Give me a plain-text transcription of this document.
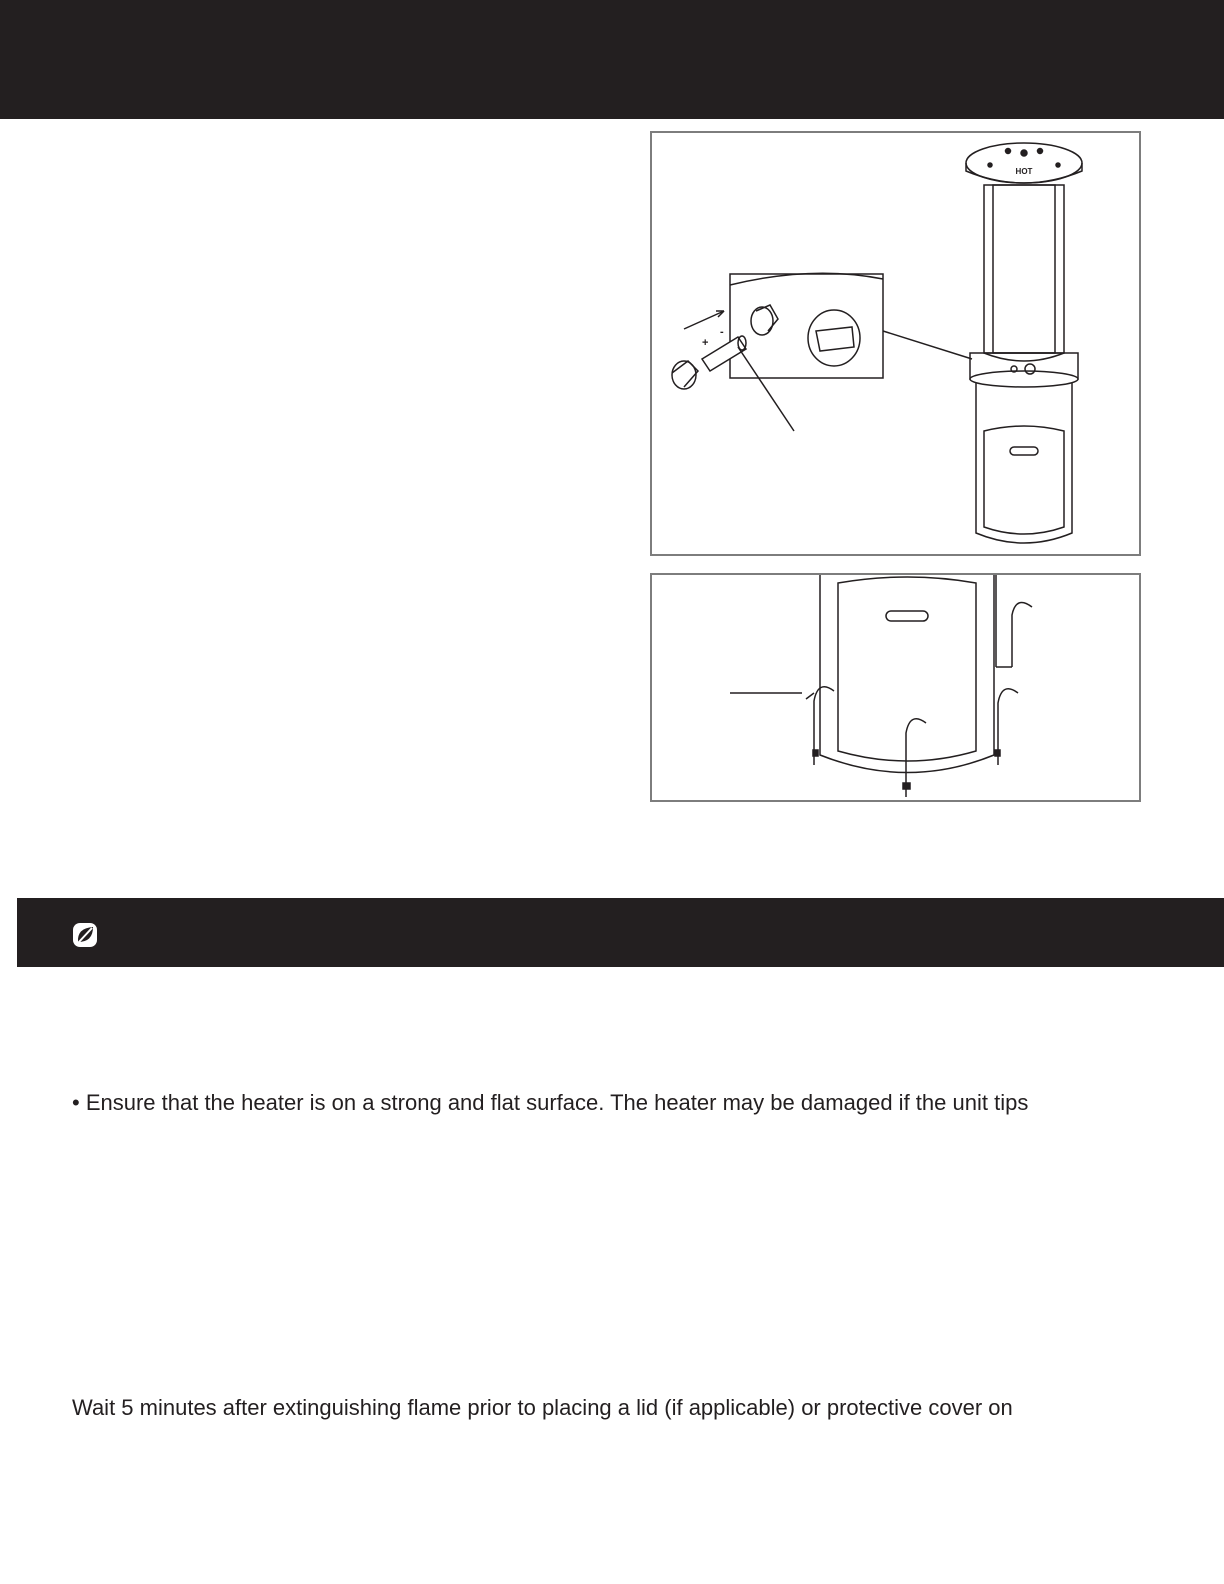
HOT
+
-
• Ensure that the heater is on a strong and flat surface. The heater may be damaged if the unit tips
Wait 5 minutes after extinguishing flame prior to placing a lid (if applicable) or protective cover on
